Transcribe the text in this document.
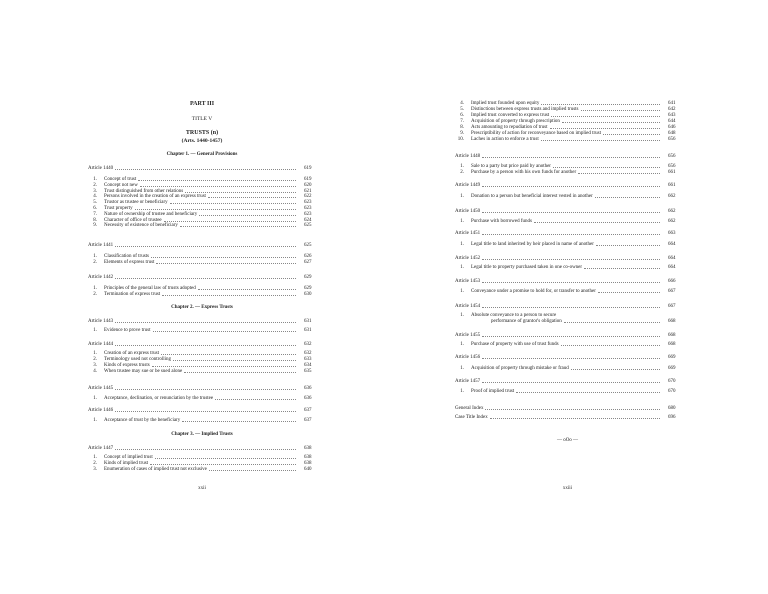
PART III
TITLE V
TRUSTS (n)
(Arts. 1440-1457)
Chapter 1. — General Provisions
Article 1440	619
1. Concept of trust	619
2. Concept not new	620
3. Trust distinguished from other relations	621
4. Persons involved in the creation of an express trust	622
5. Trustor as trustee or beneficiary	623
6. Trust property	623
7. Nature of ownership of trustee and beneficiary	623
8. Character of office of trustee	624
9. Necessity of existence of beneficiary	625
Article 1441	625
1. Classification of trusts	626
2. Elements of express trust	627
Article 1442	629
1. Principles of the general law of trusts adopted	629
2. Termination of express trust	630
Article 1443	631
1. Evidence to prove trust	631
Article 1444	632
1. Creation of an express trust	632
2. Terminology used not controlling	633
3. Kinds of express trusts	634
4. When trustee may sue or be sued alone	635
Article 1445	636
1. Acceptance, declination, or renunciation by the trustee	636
Article 1446	637
1. Acceptance of trust by the beneficiary	637
Article 1447	638
1. Concept of implied trust	638
2. Kinds of implied trust	638
3. Enumeration of cases of implied trust not exclusive	640
Chapter 2. — Express Trusts
Chapter 3. — Implied Trusts
xxii
4. Implied trust founded upon equity	641
5. Distinctions between express trusts and implied trusts	642
6. Implied trust converted to express trust	643
7. Acquisition of property through prescription	644
8. Acts amounting to repudiation of trust	646
9. Prescriptibility of action for reconveyance based on implied trust	648
10. Laches in action to enforce a trust	656
Article 1448	656
1. Sale to a party but price paid by another	656
2. Purchase by a person with his own funds for another	661
Article 1449	661
1. Donation to a person but beneficial interest vested in another	662
Article 1450	662
1. Purchase with borrowed funds	662
Article 1451	663
1. Legal title to land inherited by heir placed in name of another	664
Article 1452	664
1. Legal title to property purchased taken in one co-owner	664
Article 1453	666
1. Conveyance under a promise to hold for, or transfer to another	667
Article 1454	667
1. Absolute conveyance to a person to secure
performance of grantor's obligation	668
Article 1455	668
1. Purchase of property with use of trust funds	668
Article 1456	669
1. Acquisition of property through mistake or fraud	669
Article 1457	670
1. Proof of implied trust	670
General Index	680
Case Title Index	696
— oOo —
xxiii
